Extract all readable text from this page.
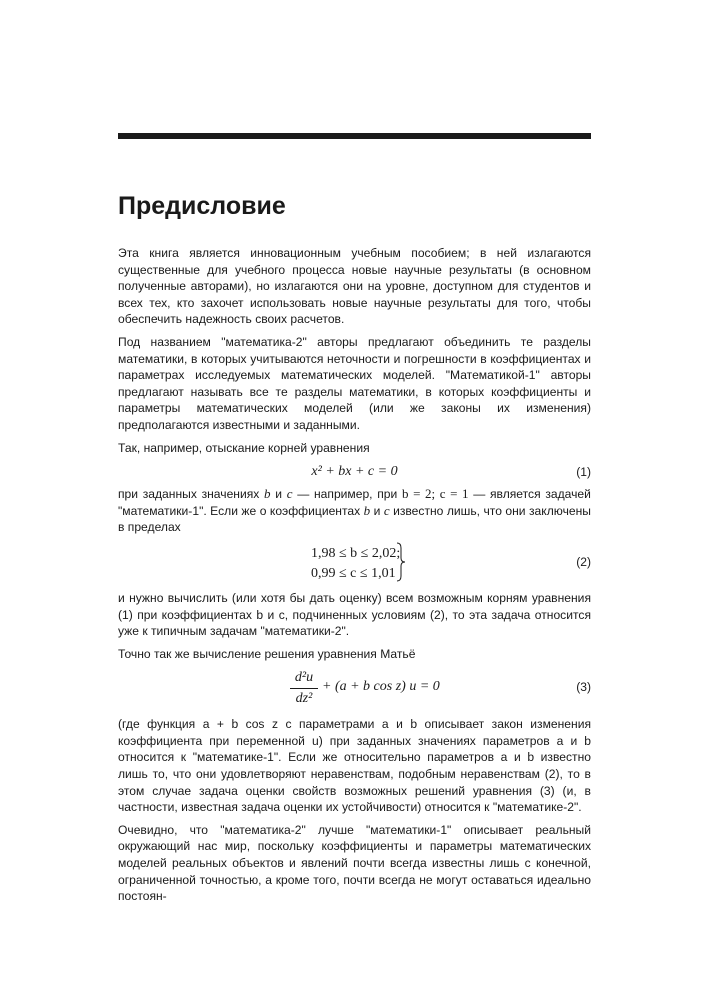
Предисловие

Эта книга является инновационным учебным пособием; в ней излагаются существенные для учебного процесса новые научные результаты (в основном полученные авторами), но излагаются они на уровне, доступном для студентов и всех тех, кто захочет использовать новые научные результаты для того, чтобы обеспечить надежность своих расчетов.

Под названием "математика-2" авторы предлагают объединить те разделы математики, в которых учитываются неточности и погрешности в коэффициентах и параметрах исследуемых математических моделей. "Математикой-1" авторы предлагают называть все те разделы математики, в которых коэффициенты и параметры математических моделей (или же законы их изменения) предполагаются известными и заданными.

Так, например, отыскание корней уравнения

x² + bx + c = 0	(1)

при заданных значениях b и c — например, при b = 2; c = 1 — является задачей "математики-1". Если же о коэффициентах b и c известно лишь, что они заключены в пределах

1,98 ≤ b ≤ 2,02;
0,99 ≤ c ≤ 1,01
(2)

и нужно вычислить (или хотя бы дать оценку) всем возможным корням уравнения (1) при коэффициентах b и c, подчиненных условиям (2), то эта задача относится уже к типичным задачам "математики-2".

Точно так же вычисление решения уравнения Матьё

$\frac{\text{d²u}}{\text{dz²}} + (a + b$ cos z) u = 0	(3)

(где функция a + b cos z с параметрами a и b описывает закон изменения коэффициента при переменной u) при заданных значениях параметров a и b относится к "математике-1". Если же относительно параметров a и b известно лишь то, что они удовлетворяют неравенствам, подобным неравенствам (2), то в этом случае задача оценки свойств возможных решений уравнения (3) (и, в частности, известная задача оценки их устойчивости) относится к "математике-2".

Очевидно, что "математика-2" лучше "математики-1" описывает реальный окружающий нас мир, поскольку коэффициенты и параметры математических моделей реальных объектов и явлений почти всегда известны лишь с конечной, ограниченной точностью, а кроме того, почти всегда не могут оставаться идеально постоян-
